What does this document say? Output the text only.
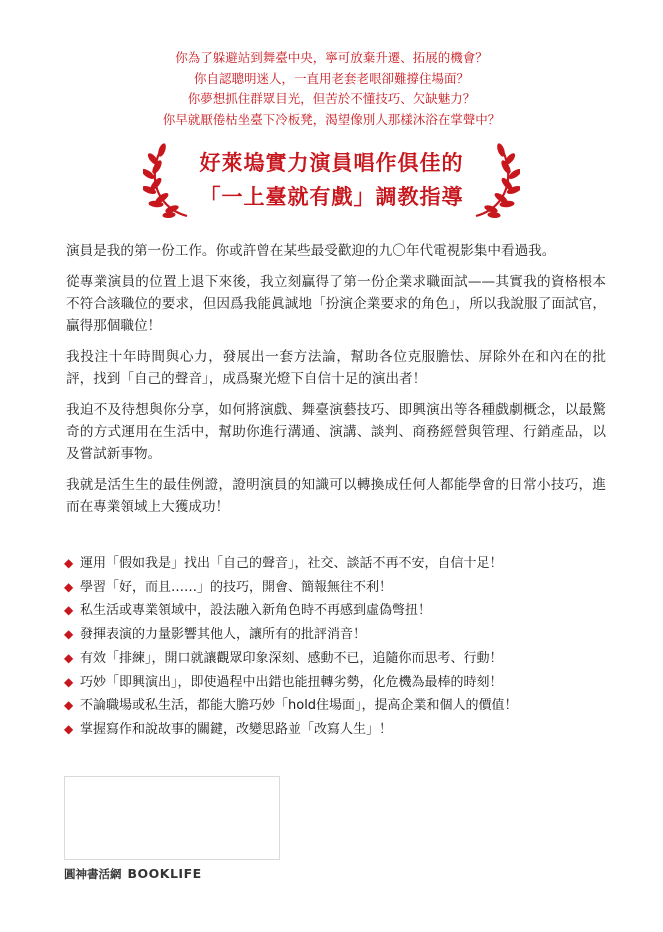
你為了躲避站到舞臺中央，寧可放棄升遷、拓展的機會？
你自認聰明迷人，一直用老套老哏卻難撐住場面？
你夢想抓住群眾目光，但苦於不懂技巧、欠缺魅力？
你早就厭倦枯坐臺下冷板凳，渴望像別人那樣沐浴在掌聲中？
好萊塢實力演員唱作俱佳的
「一上臺就有戲」調教指導

演員是我的第一份工作。你或許曾在某些最受歡迎的九〇年代電視影集中看過我。

從專業演員的位置上退下來後，我立刻贏得了第一份企業求職面試——其實我的資格根本不符合該職位的要求，但因爲我能眞誠地「扮演企業要求的角色」，所以我說服了面試官，贏得那個職位！

我投注十年時間與心力，發展出一套方法論，幫助各位克服膽怯、屏除外在和內在的批評，找到「自己的聲音」，成爲聚光燈下自信十足的演出者！

我迫不及待想與你分享，如何將演戲、舞臺演藝技巧、即興演出等各種戲劇概念，以最驚奇的方式運用在生活中，幫助你進行溝通、演講、談判、商務經營與管理、行銷產品，以及嘗試新事物。

我就是活生生的最佳例證，證明演員的知識可以轉換成任何人都能學會的日常小技巧，進而在專業領域上大獲成功！

◆ 運用「假如我是」找出「自己的聲音」，社交、談話不再不安，自信十足！
◆ 學習「好，而且……」的技巧，開會、簡報無往不利！
◆ 私生活或專業領域中，設法融入新角色時不再感到虛偽彆扭！
◆ 發揮表演的力量影響其他人，讓所有的批評消音！
◆ 有效「排練」，開口就讓觀眾印象深刻、感動不已，追隨你而思考、行動！
◆ 巧妙「即興演出」，即使過程中出錯也能扭轉劣勢，化危機為最棒的時刻！
◆ 不論職場或私生活，都能大膽巧妙「hold住場面」，提高企業和個人的價值！
◆ 掌握寫作和說故事的關鍵，改變思路並「改寫人生」！
圓神書活網 BOOKLIFE
